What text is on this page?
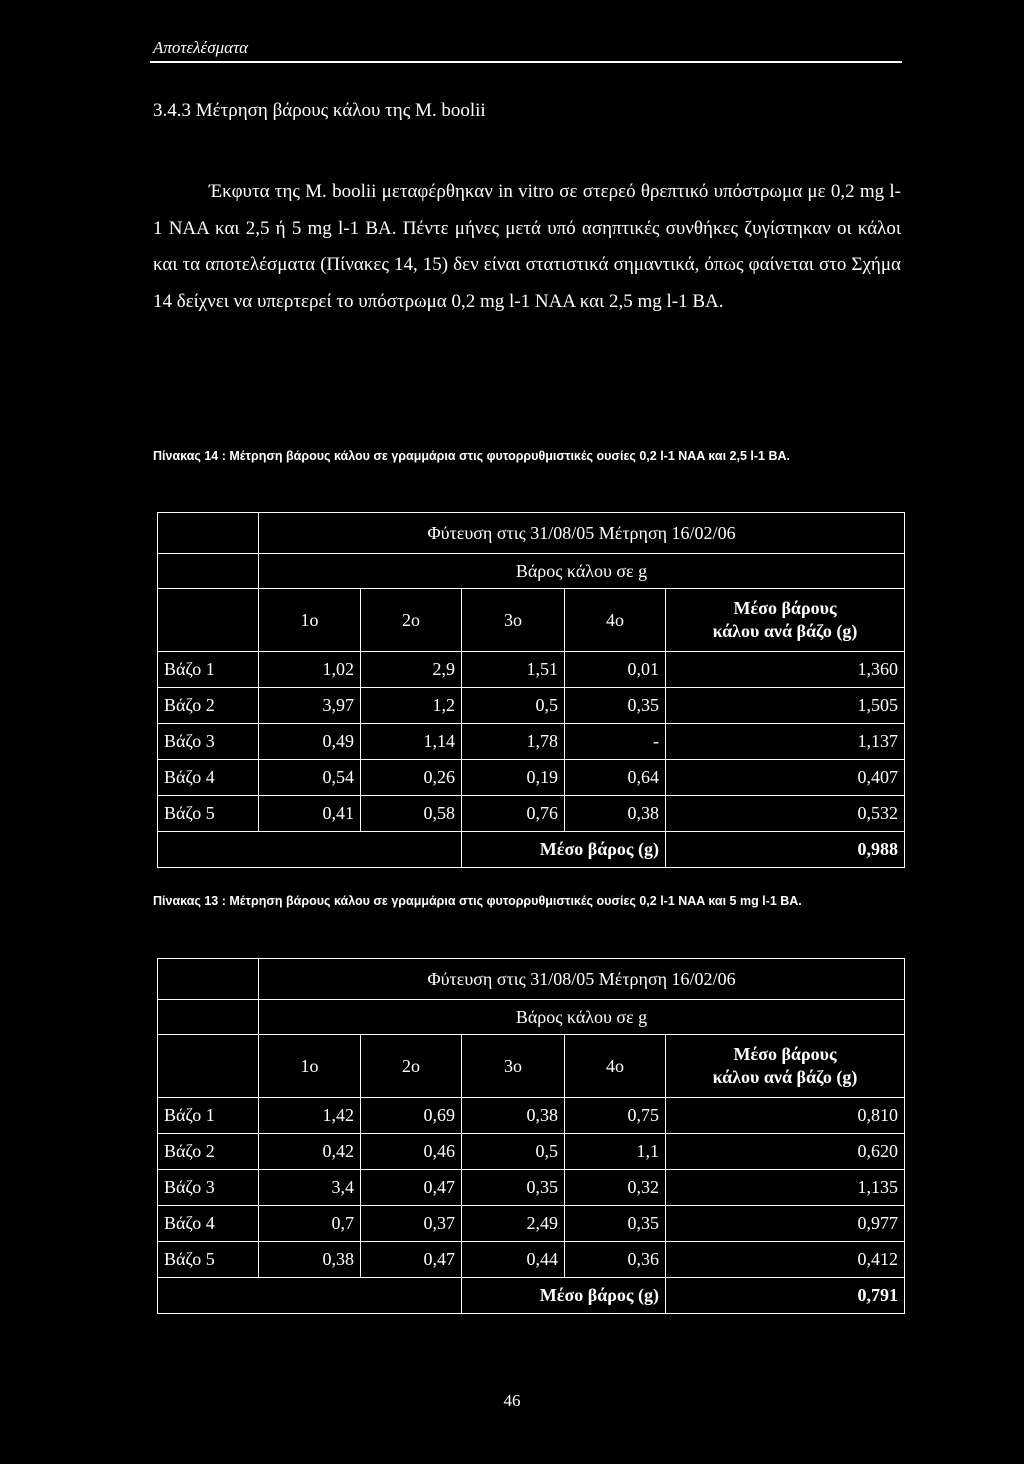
Αποτελέσματα
3.4.3 Μέτρηση βάρους κάλου της M. boolii

Έκφυτα της M. boolii μεταφέρθηκαν in vitro σε στερεό θρεπτικό υπόστρωμα με 0,2 mg l-1 NAA και 2,5 ή 5 mg l-1 BA. Πέντε μήνες μετά υπό ασηπτικές συνθήκες ζυγίστηκαν οι κάλοι και τα αποτελέσματα (Πίνακες 14, 15) δεν είναι στατιστικά σημαντικά, όπως φαίνεται στο Σχήμα 14 δείχνει να υπερτερεί το υπόστρωμα 0,2 mg l-1 NAA και 2,5 mg l-1 BA.

Πίνακας 14 : Μέτρηση βάρους κάλου σε γραμμάρια στις φυτορρυθμιστικές ουσίες 0,2 l-1 NAA και 2,5 l-1 BA.
	Φύτευση στις 31/08/05 Μέτρηση 16/02/06				
	Βάρος κάλου σε g				
	1ο	2ο	3ο	4ο	Μέσο βάρους
κάλου ανά βάζο (g)
Βάζο 1	1,02	2,9	1,51	0,01	1,360
Βάζο 2	3,97	1,2	0,5	0,35	1,505
Βάζο 3	0,49	1,14	1,78	-	1,137
Βάζο 4	0,54	0,26	0,19	0,64	0,407
Βάζο 5	0,41	0,58	0,76	0,38	0,532
			Μέσο βάρος (g)		0,988
Πίνακας 13 : Μέτρηση βάρους κάλου σε γραμμάρια στις φυτορρυθμιστικές ουσίες 0,2 l-1 NAA και 5 mg l-1 BA.
	Φύτευση στις 31/08/05 Μέτρηση 16/02/06				
	Βάρος κάλου σε g				
	1ο	2ο	3ο	4ο	Μέσο βάρους
κάλου ανά βάζο (g)
Βάζο 1	1,42	0,69	0,38	0,75	0,810
Βάζο 2	0,42	0,46	0,5	1,1	0,620
Βάζο 3	3,4	0,47	0,35	0,32	1,135
Βάζο 4	0,7	0,37	2,49	0,35	0,977
Βάζο 5	0,38	0,47	0,44	0,36	0,412
			Μέσο βάρος (g)		0,791
46
